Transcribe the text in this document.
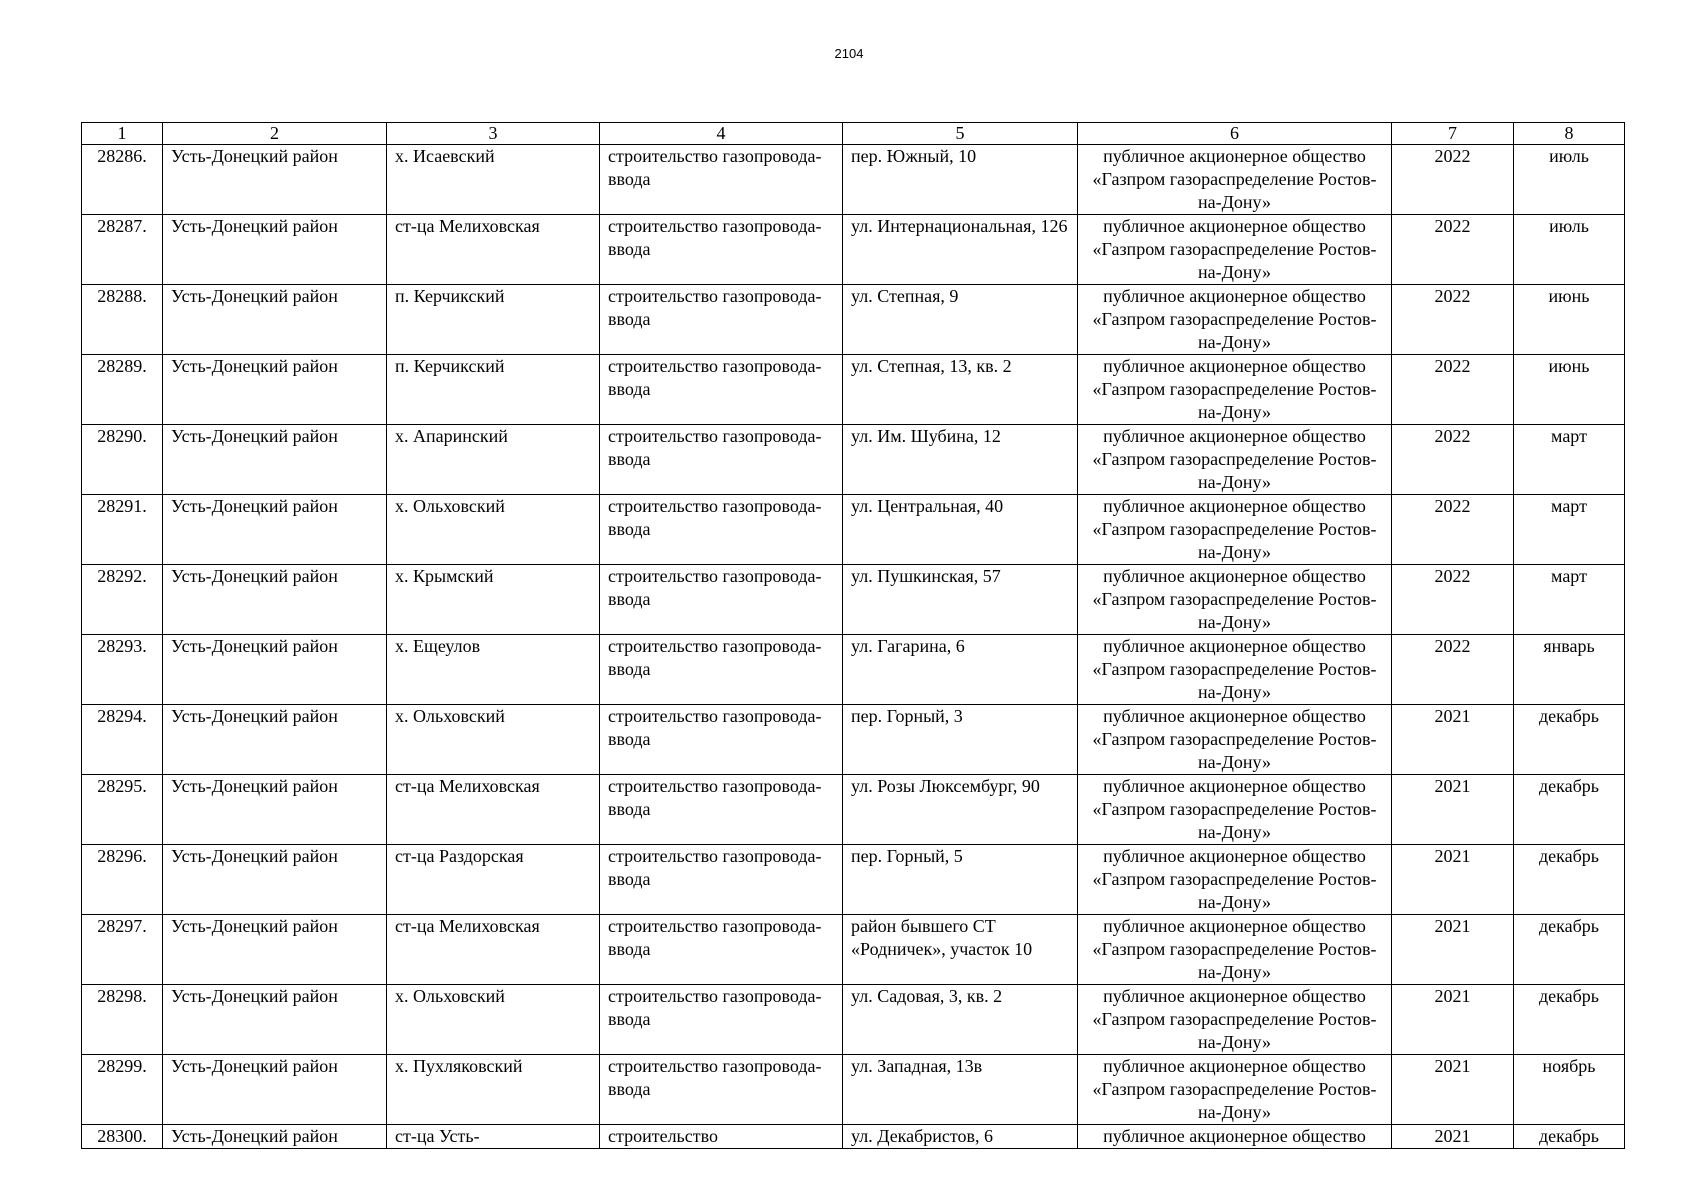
2104
1	2	3	4	5	6	7	8
28286.	Усть-Донецкий район	х. Исаевский	строительство газопровода-ввода	пер. Южный, 10	публичное акционерное общество «Газпром газораспределение Ростов-на-Дону»	2022	июль
28287.	Усть-Донецкий район	ст-ца Мелиховская	строительство газопровода-ввода	ул. Интернациональная, 126	публичное акционерное общество «Газпром газораспределение Ростов-на-Дону»	2022	июль
28288.	Усть-Донецкий район	п. Керчикский	строительство газопровода-ввода	ул. Степная, 9	публичное акционерное общество «Газпром газораспределение Ростов-на-Дону»	2022	июнь
28289.	Усть-Донецкий район	п. Керчикский	строительство газопровода-ввода	ул. Степная, 13, кв. 2	публичное акционерное общество «Газпром газораспределение Ростов-на-Дону»	2022	июнь
28290.	Усть-Донецкий район	х. Апаринский	строительство газопровода-ввода	ул. Им. Шубина, 12	публичное акционерное общество «Газпром газораспределение Ростов-на-Дону»	2022	март
28291.	Усть-Донецкий район	х. Ольховский	строительство газопровода-ввода	ул. Центральная, 40	публичное акционерное общество «Газпром газораспределение Ростов-на-Дону»	2022	март
28292.	Усть-Донецкий район	х. Крымский	строительство газопровода-ввода	ул. Пушкинская, 57	публичное акционерное общество «Газпром газораспределение Ростов-на-Дону»	2022	март
28293.	Усть-Донецкий район	х. Ещеулов	строительство газопровода-ввода	ул. Гагарина, 6	публичное акционерное общество «Газпром газораспределение Ростов-на-Дону»	2022	январь
28294.	Усть-Донецкий район	х. Ольховский	строительство газопровода-ввода	пер. Горный, 3	публичное акционерное общество «Газпром газораспределение Ростов-на-Дону»	2021	декабрь
28295.	Усть-Донецкий район	ст-ца Мелиховская	строительство газопровода-ввода	ул. Розы Люксембург, 90	публичное акционерное общество «Газпром газораспределение Ростов-на-Дону»	2021	декабрь
28296.	Усть-Донецкий район	ст-ца Раздорская	строительство газопровода-ввода	пер. Горный, 5	публичное акционерное общество «Газпром газораспределение Ростов-на-Дону»	2021	декабрь
28297.	Усть-Донецкий район	ст-ца Мелиховская	строительство газопровода-ввода	район бывшего СТ «Родничек», участок 10	публичное акционерное общество «Газпром газораспределение Ростов-на-Дону»	2021	декабрь
28298.	Усть-Донецкий район	х. Ольховский	строительство газопровода-ввода	ул. Садовая, 3, кв. 2	публичное акционерное общество «Газпром газораспределение Ростов-на-Дону»	2021	декабрь
28299.	Усть-Донецкий район	х. Пухляковский	строительство газопровода-ввода	ул. Западная, 13в	публичное акционерное общество «Газпром газораспределение Ростов-на-Дону»	2021	ноябрь
28300.	Усть-Донецкий район	ст-ца Усть-	строительство	ул. Декабристов, 6	публичное акционерное общество	2021	декабрь
